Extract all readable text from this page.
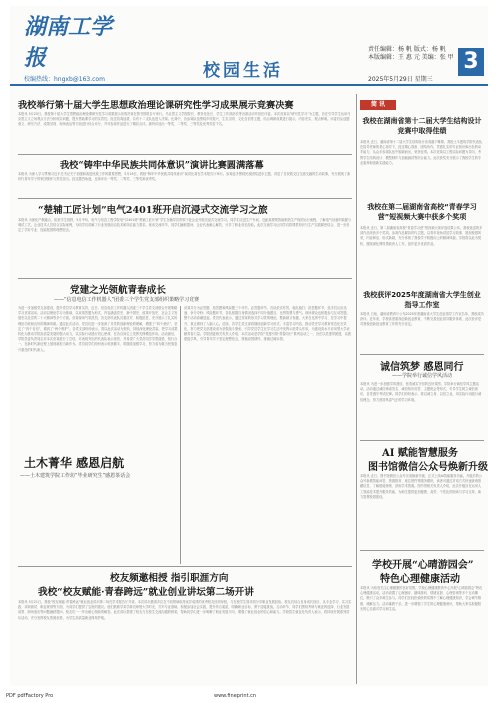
湖南工学报
校编热线：hngxb@163.com	校园生活
责任编辑：杨 帆 版式：杨 帆
本版编辑：王 惠 元 美编：张 甲
2025年5月29日 星期三
3
我校举行第十届大学生思想政治理论课研究性学习成果展示竞赛决赛
本报讯 5月20日，我校第十届大学生思想政治理论课研究性学习成果展示竞赛决赛在图书馆报告厅举行。马克思主义学院院长、教务处处长、学生工作部部长等出席活动并担任评委。本次竞赛以“研究性学习”为主题，旨在引导学生运用马克思主义立场观点方法分析现实问题，提升思政课学习的实效性。经过初赛选拔，共有十二支队伍进入决赛。比赛中，各参赛队伍围绕乡村振兴、生态文明、文化自信等主题，结合调研成果进行展示，内容充实、观点鲜明。评委们从选题意义、研究方法、成果呈现、现场表达等方面进行综合评分，并对参赛作品进行了精彩点评。最终评选出一等奖、二等奖、三等奖及优秀奖若干名。
我校“铸牢中华民族共同体意识”演讲比赛圆满落幕
本报讯 为深入学习贯彻习近平总书记关于加强和改进民族工作的重要思想，5月16日，我校“铸牢中华民族共同体意识”演讲比赛在学术报告厅举行。参赛选手围绕民族团结进步主题，讲述了各民族交往交流交融的生动故事，充分展现了新时代青年学子的家国情怀与责任担当。经过激烈角逐，比赛评出一等奖、二等奖、三等奖和优秀奖。
“楚辅工匠计划”电气2401班开启沉浸式交流学习之旅
本报讯 为深化产教融合，拓宽学生视野，5月中旬，电气与信息工程学院电气2401班“楚辅工匠计划”学生在辅导员带领下赴企业开展沉浸式交流学习。同学们走进生产车间，近距离观察智能制造生产线的运行流程，了解电气设备的装配与调试工艺。企业技术人员结合实际案例，为同学们讲解了行业发展前沿技术和岗位能力要求。座谈交流环节，同学们踊跃提问，企业代表耐心解答，分享了职业成长经验。此次交流学习让同学们将课堂知识与生产实践紧密结合，进一步坚定了学好专业、技能报国的理想信念。
党建之光领航青春成长
——“信息电信工作机器人”团委三个学生党支部组织策略学习竞赛
为进一步加强党支部建设，提升党员学习教育实效，近日，信息电信工作机器人团委三个学生党支部联合开展策略学习竞赛活动。活动以理论学习为基础，以竞赛答题为形式，内容涵盖党史、新中国史、改革开放史、社会主义发展史以及党的二十大精神等多个方面。竞赛现场气氛热烈，各支部代表队沉着应对、积极抢答，充分展示了扎实的理论功底和良好的精神风貌。通过此次活动，党员们进一步加深了对党的创新理论的理解，增强了“四个意识”，坚定了“四个自信”，做到了“两个维护”。各党支部纷纷表示，将以此次活动为契机，持续深化理论武装，把学习成果转化为推动学院高质量发展的强大动力，以实际行动践行初心使命，在各自岗位上发挥先锋模范作用。活动最后，学院党委负责同志对本次竞赛进行了总结，对表现突出的代表队表示祝贺，并希望广大党员同学学思践悟、知行合一，在新时代新征程上展现新担当新作为。党员同学们纷纷表示收获颇丰，将继续加强学习，努力成为堪当民族复兴重任的时代新人。
竞赛共分为必答题、抢答题和风险题三个环节。必答题环节，各队依次作答，稳扎稳打；抢答题环节，选手们反应迅速、争分夺秒；风险题环节，各队根据自身情况选择不同分值题目，比拼智慧与勇气。现场观众也积极参与互动答题，整个活动高潮迭起。党员代表表示，通过竞赛的形式学习党的理论，既新颖又有趣，大家在比拼中学习、在学习中提升，真正做到了入脑入心。后续，各学生党支部将继续创新学习形式，丰富学习内容，推动党史学习教育常态化长效化，努力把党支部建设成为坚强战斗堡垒，引导党员学生在学习生活中发挥示范带头作用，为建设高水平应用型大学贡献青春力量。学院团委相关负责人介绍，本次活动是学院“党建引领·青春同行”系列活动之一，旨在以党建带团建，以团建促学风，引导青年学子坚定理想信念，厚植爱国情怀，练就过硬本领。
土木菁华 感恩启航
——土木建筑学院工作坊“毕业研究生”感恩茶话会
校友频邀相授 指引职涯方向
我校“校友赋能·青春跨远”就业创业讲坛第二场开讲
本报讯 5月21日，我校“校友赋能·青春跨远”就业创业讲坛第二场在学术报告厅开讲。本次讲坛邀请多位在不同领域取得优异成绩的优秀校友回到母校，与在校学生面对面分享职业发展经验。校友们结合自身成长经历，从专业学习、实习实践、求职面试、职业规划等方面，为同学们提供了宝贵的建议。他们鼓励学弟学妹们珍惜大学时光，打牢专业基础，积极参加社会实践，提升综合素质，明确职业目标，勇于迎接挑战。互动环节，同学们围绕考研与就业的选择、行业发展前景、职场适应等问题踊跃提问，校友们一一作出耐心细致的解答。此次讲坛搭建了校友与在校生交流沟通的桥梁，帮助同学们进一步明晰了职业发展方向，增强了就业创业的信心和能力。学校招生就业处负责人表示，将持续开展系列讲坛活动，充分发挥校友资源优势，为学生高质量就业保驾护航。
简 讯
我校在湖南省第十二届大学生结构设计竞赛中取得佳绩
本报讯 近日，湖南省第十二届大学生结构设计竞赛落下帷幕，我校土木建筑学院代表队在指导老师的悉心指导下，经过精心准备、团结协作，凭借扎实的专业知识和出色的动手能力，从众多参赛队伍中脱颖而出，荣获佳绩。本次竞赛以工程实际问题为导向，考察学生结构设计、模型制作与加载测试等综合能力。此次获奖充分展示了我校学生的专业素养和创新实践能力。
我校在第二届湖南省高校“青春学习营”短视频大赛中获多个奖项
本报讯 近日，第二届湖南省高校“青春学习营”短视频大赛评选结果公布，我校选送的多部作品荣获多个奖项。参赛作品紧扣时代主题，以青年视角讲述学习故事、展现校园风采，内容鲜活、形式新颖，充分体现了我校学子积极向上的精神风貌。学校将以此为契机，继续深化网络思政育人工作，创作更多优质作品。
我校获评2025年度湖南省大学生创业指导工作室
本报讯 日前，湖南省教育厅公布2025年度湖南省大学生创业指导工作室名单，我校成功获评。近年来，学校高度重视创新创业教育，不断完善创业指导服务体系，此次获评是对我校创新创业教育工作的充分肯定。
诚信筑梦 感恩同行
——学院举行诚信学风活动
本报讯 为进一步加强学风建设，营造诚实守信的良好氛围，学院举行诚信学风主题活动。活动通过诚信承诺签名、诚信知识竞答、主题班会等形式，引导学生树立诚信意识，自觉遵守考试纪律。同学们纷纷表示，将以诚立身、以信立业，用实际行动践行诚信理念，努力营造风清气正的学习环境。
AI 赋能智慧服务
图书馆微信公众号焕新升级
本报讯 近日，图书馆微信公众号完成焕新升级，正式上线AI智能服务功能。升级后的公众号新增智能问答、资源推荐、座位预约等服务模块，读者可通过对话方式快速查询馆藏信息、了解借阅规则、获取学术资源。图书馆相关负责人介绍，此次升级旨在运用人工智能技术提升服务效能，为师生提供更加便捷、高效、个性化的阅读与学习支持，助力智慧校园建设。
学校开展“心晴游园会”
特色心理健康活动
本报讯 为营造关注心理健康的良好氛围，学校心理健康教育中心开展“心晴游园会”特色心理健康活动。活动设置了心理测评、趣味游戏、情绪宣泄、心理咨询等多个互动摊位，吸引了众多师生参与。同学们在轻松愉快的氛围中了解心理健康知识，学会调节情绪、缓解压力。活动寓教于乐，进一步增强了学生的心理健康意识，帮助大家以积极阳光的心态面对学习和生活。
PDF pdfFactory Pro	www.fineprint.cn
